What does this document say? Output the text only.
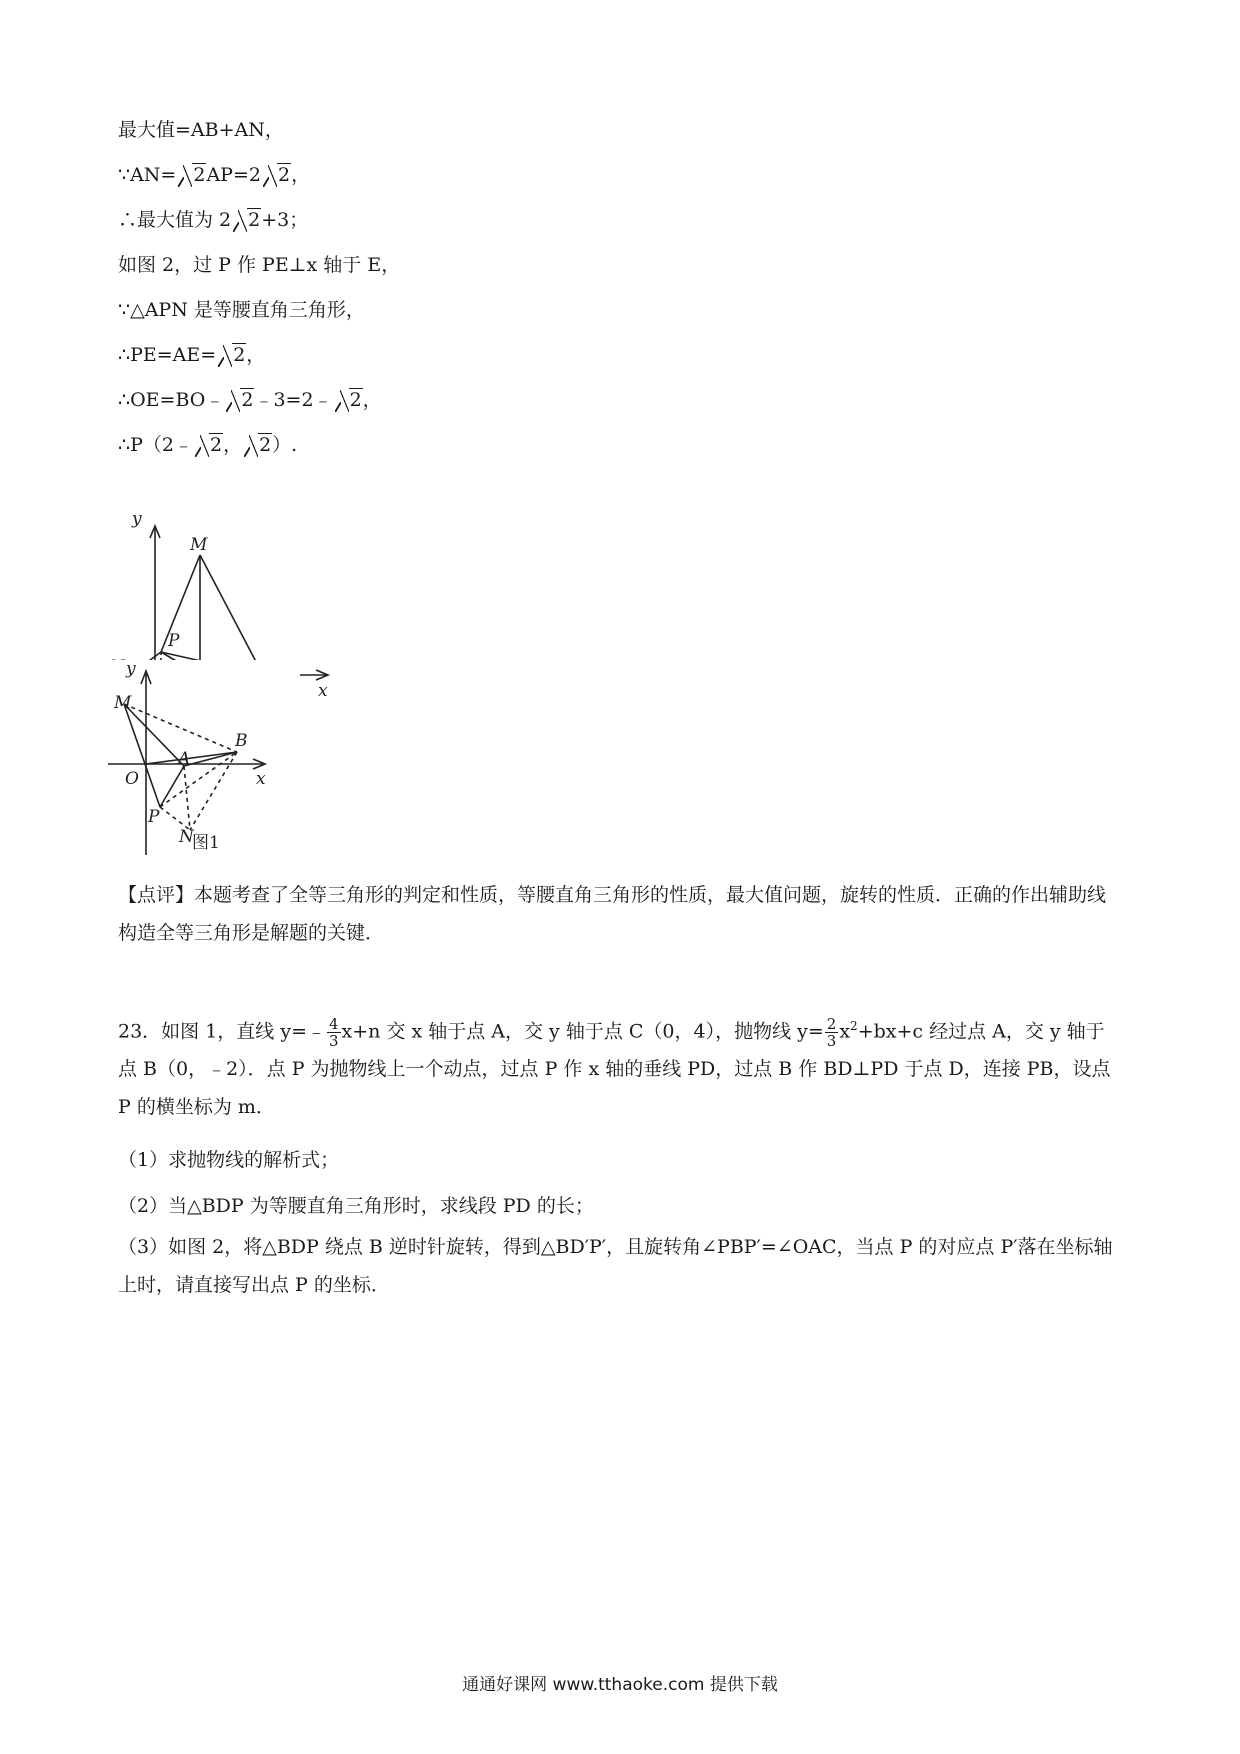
最大值=AB+AN，
∵AN= 2AP=2 2，
∴最大值为 2 2+3；
如图 2，过 P 作 PE⊥x 轴于 E，
∵△APN 是等腰直角三角形，
∴PE=AE= 2，
∴OE=BO﹣ 2﹣3=2﹣ 2，
∴P（2﹣ 2， 2）.
y
M
P
x
y
M
B
O
A
x
P
N
图1
【点评】本题考查了全等三角形的判定和性质，等腰直角三角形的性质，最大值问题，旋转的性质．正确的作出辅助线构造全等三角形是解题的关键．
23．如图 1，直线 y=﹣ $\frac{4}{3} x+n$ 交 x 轴于点 A，交 y 轴于点 C（0，4），抛物线 $y= \frac{2}{3} x^2+bx+c$ 经过点 A，交 y 轴于点 B（0，﹣2）．点 P 为抛物线上一个动点，过点 P 作 x 轴的垂线 PD，过点 B 作 BD⊥PD 于点 D，连接 PB，设点 P 的横坐标为 m．
（1）求抛物线的解析式；
（2）当△BDP 为等腰直角三角形时，求线段 PD 的长；
（3）如图 2，将△BDP 绕点 B 逆时针旋转，得到△BD′P′，且旋转角∠PBP′=∠OAC，当点 P 的对应点 P′落在坐标轴上时，请直接写出点 P 的坐标．
通通好课网 www.tthaoke.com 提供下载
